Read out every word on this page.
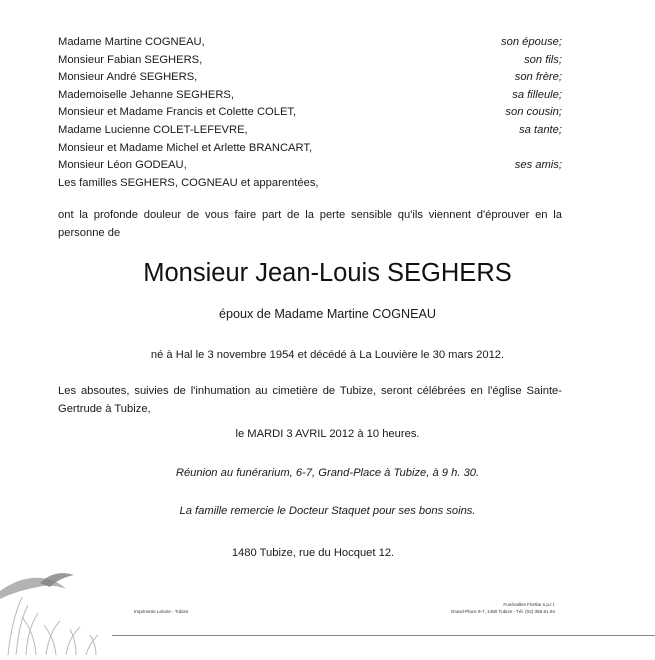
Madame Martine COGNEAU,	son épouse;
Monsieur Fabian SEGHERS,	son fils;
Monsieur André SEGHERS,	son frère;
Mademoiselle Jehanne SEGHERS,	sa filleule;
Monsieur et Madame Francis et Colette COLET,	son cousin;
Madame Lucienne COLET-LEFEVRE,	sa tante;
Monsieur et Madame Michel et Arlette BRANCART,
Monsieur Léon GODEAU,	ses amis;
Les familles SEGHERS, COGNEAU et apparentées,
ont la profonde douleur de vous faire part de la perte sensible qu'ils viennent d'éprouver en la personne de
Monsieur Jean-Louis SEGHERS
époux de Madame Martine COGNEAU
né à Hal le 3 novembre 1954 et décédé à La Louvière le 30 mars 2012.
Les absoutes, suivies de l'inhumation au cimetière de Tubize, seront célébrées en l'église Sainte-Gertrude à Tubize,
le MARDI 3 AVRIL 2012 à 10 heures.
Réunion au funérarium, 6-7, Grand-Place à Tubize, à 9 h. 30.
La famille remercie le Docteur Staquet pour ses bons soins.
1480 Tubize, rue du Hocquet 12.
Imprimerie Leloire - Tubize
Funérailles Flortbe s.p.r.l.
Grand-Place 6-7, 1480 Tubize - Tél. (02) 355.51.94
